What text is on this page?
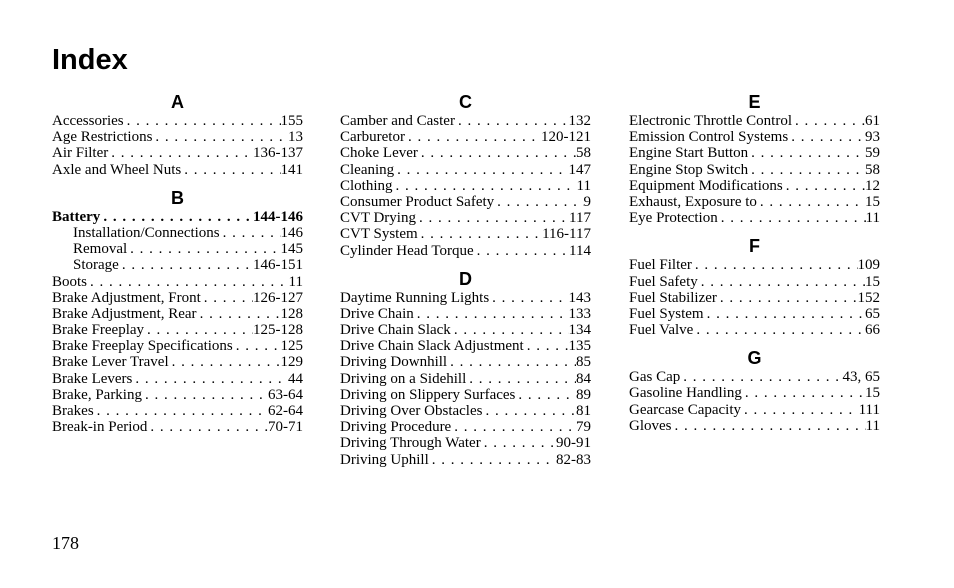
Index
A
Accessories . . .	155
Age Restrictions . . .	13
Air Filter . . .	136-137
Axle and Wheel Nuts . . .	141
B
Battery . . .	144-146
Installation/Connections . . .	146
Removal . . .	145
Storage . . .	146-151
Boots . . .	11
Brake Adjustment, Front . . .	126-127
Brake Adjustment, Rear . . .	128
Brake Freeplay . . .	125-128
Brake Freeplay Specifications . . .	125
Brake Lever Travel . . .	129
Brake Levers . . .	44
Brake, Parking . . .	63-64
Brakes . . .	62-64
Break-in Period . . .	70-71
C
Camber and Caster . . .	132
Carburetor . . .	120-121
Choke Lever . . .	58
Cleaning . . .	147
Clothing . . .	11
Consumer Product Safety . . .	9
CVT Drying . . .	117
CVT System . . .	116-117
Cylinder Head Torque . . .	114
D
Daytime Running Lights . . .	143
Drive Chain . . .	133
Drive Chain Slack . . .	134
Drive Chain Slack Adjustment . . .	135
Driving Downhill . . .	85
Driving on a Sidehill . . .	84
Driving on Slippery Surfaces . . .	89
Driving Over Obstacles . . .	81
Driving Procedure . . .	79
Driving Through Water . . .	90-91
Driving Uphill . . .	82-83
E
Electronic Throttle Control . . .	61
Emission Control Systems . . .	93
Engine Start Button . . .	59
Engine Stop Switch . . .	58
Equipment Modifications . . .	12
Exhaust, Exposure to . . .	15
Eye Protection . . .	11
F
Fuel Filter . . .	109
Fuel Safety . . .	15
Fuel Stabilizer . . .	152
Fuel System . . .	65
Fuel Valve . . .	66
G
Gas Cap . . .	43, 65
Gasoline Handling . . .	15
Gearcase Capacity . . .	111
Gloves . . .	11
178
